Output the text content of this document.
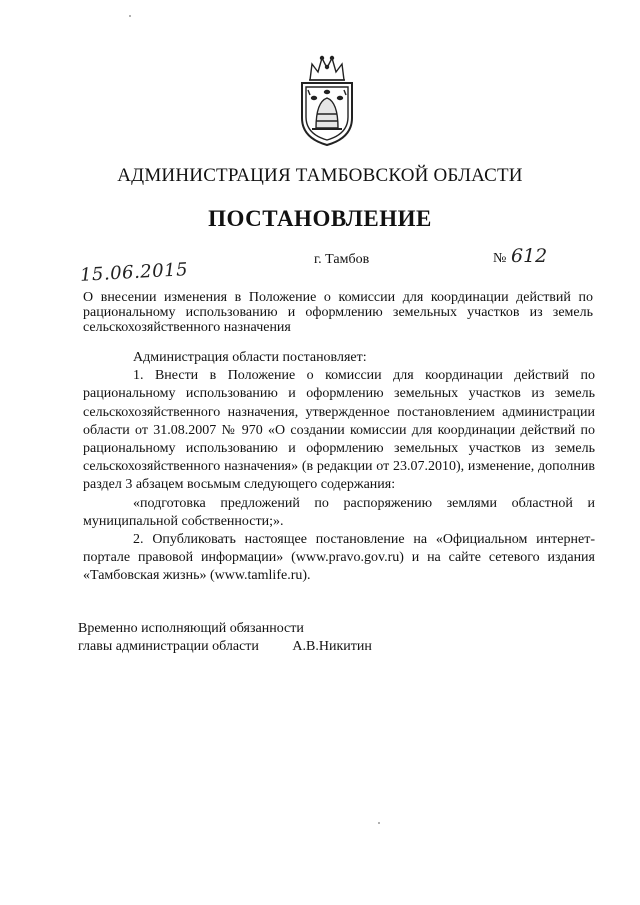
АДМИНИСТРАЦИЯ ТАМБОВСКОЙ ОБЛАСТИ
ПОСТАНОВЛЕНИЕ
15.06.2015	г. Тамбов	№ 612
О внесении изменения в Положение о комиссии для координации действий по рациональному использованию и оформлению земельных участков из земель сельскохозяйственного назначения

Администрация области постановляет:

1. Внести в Положение о комиссии для координации действий по рациональному использованию и оформлению земельных участков из земель сельскохозяйственного назначения, утвержденное постановлением администрации области от 31.08.2007 № 970 «О создании комиссии для координации действий по рациональному использованию и оформлению земельных участков из земель сельскохозяйственного назначения» (в редакции от 23.07.2010), изменение, дополнив раздел 3 абзацем восьмым следующего содержания:

«подготовка предложений по распоряжению землями областной и муниципальной собственности;».

2. Опубликовать настоящее постановление на «Официальном интернет-портале правовой информации» (www.pravo.gov.ru) и на сайте сетевого издания «Тамбовская жизнь» (www.tamlife.ru).

Временно исполняющий обязанности
главы администрации области А.В.Никитин
